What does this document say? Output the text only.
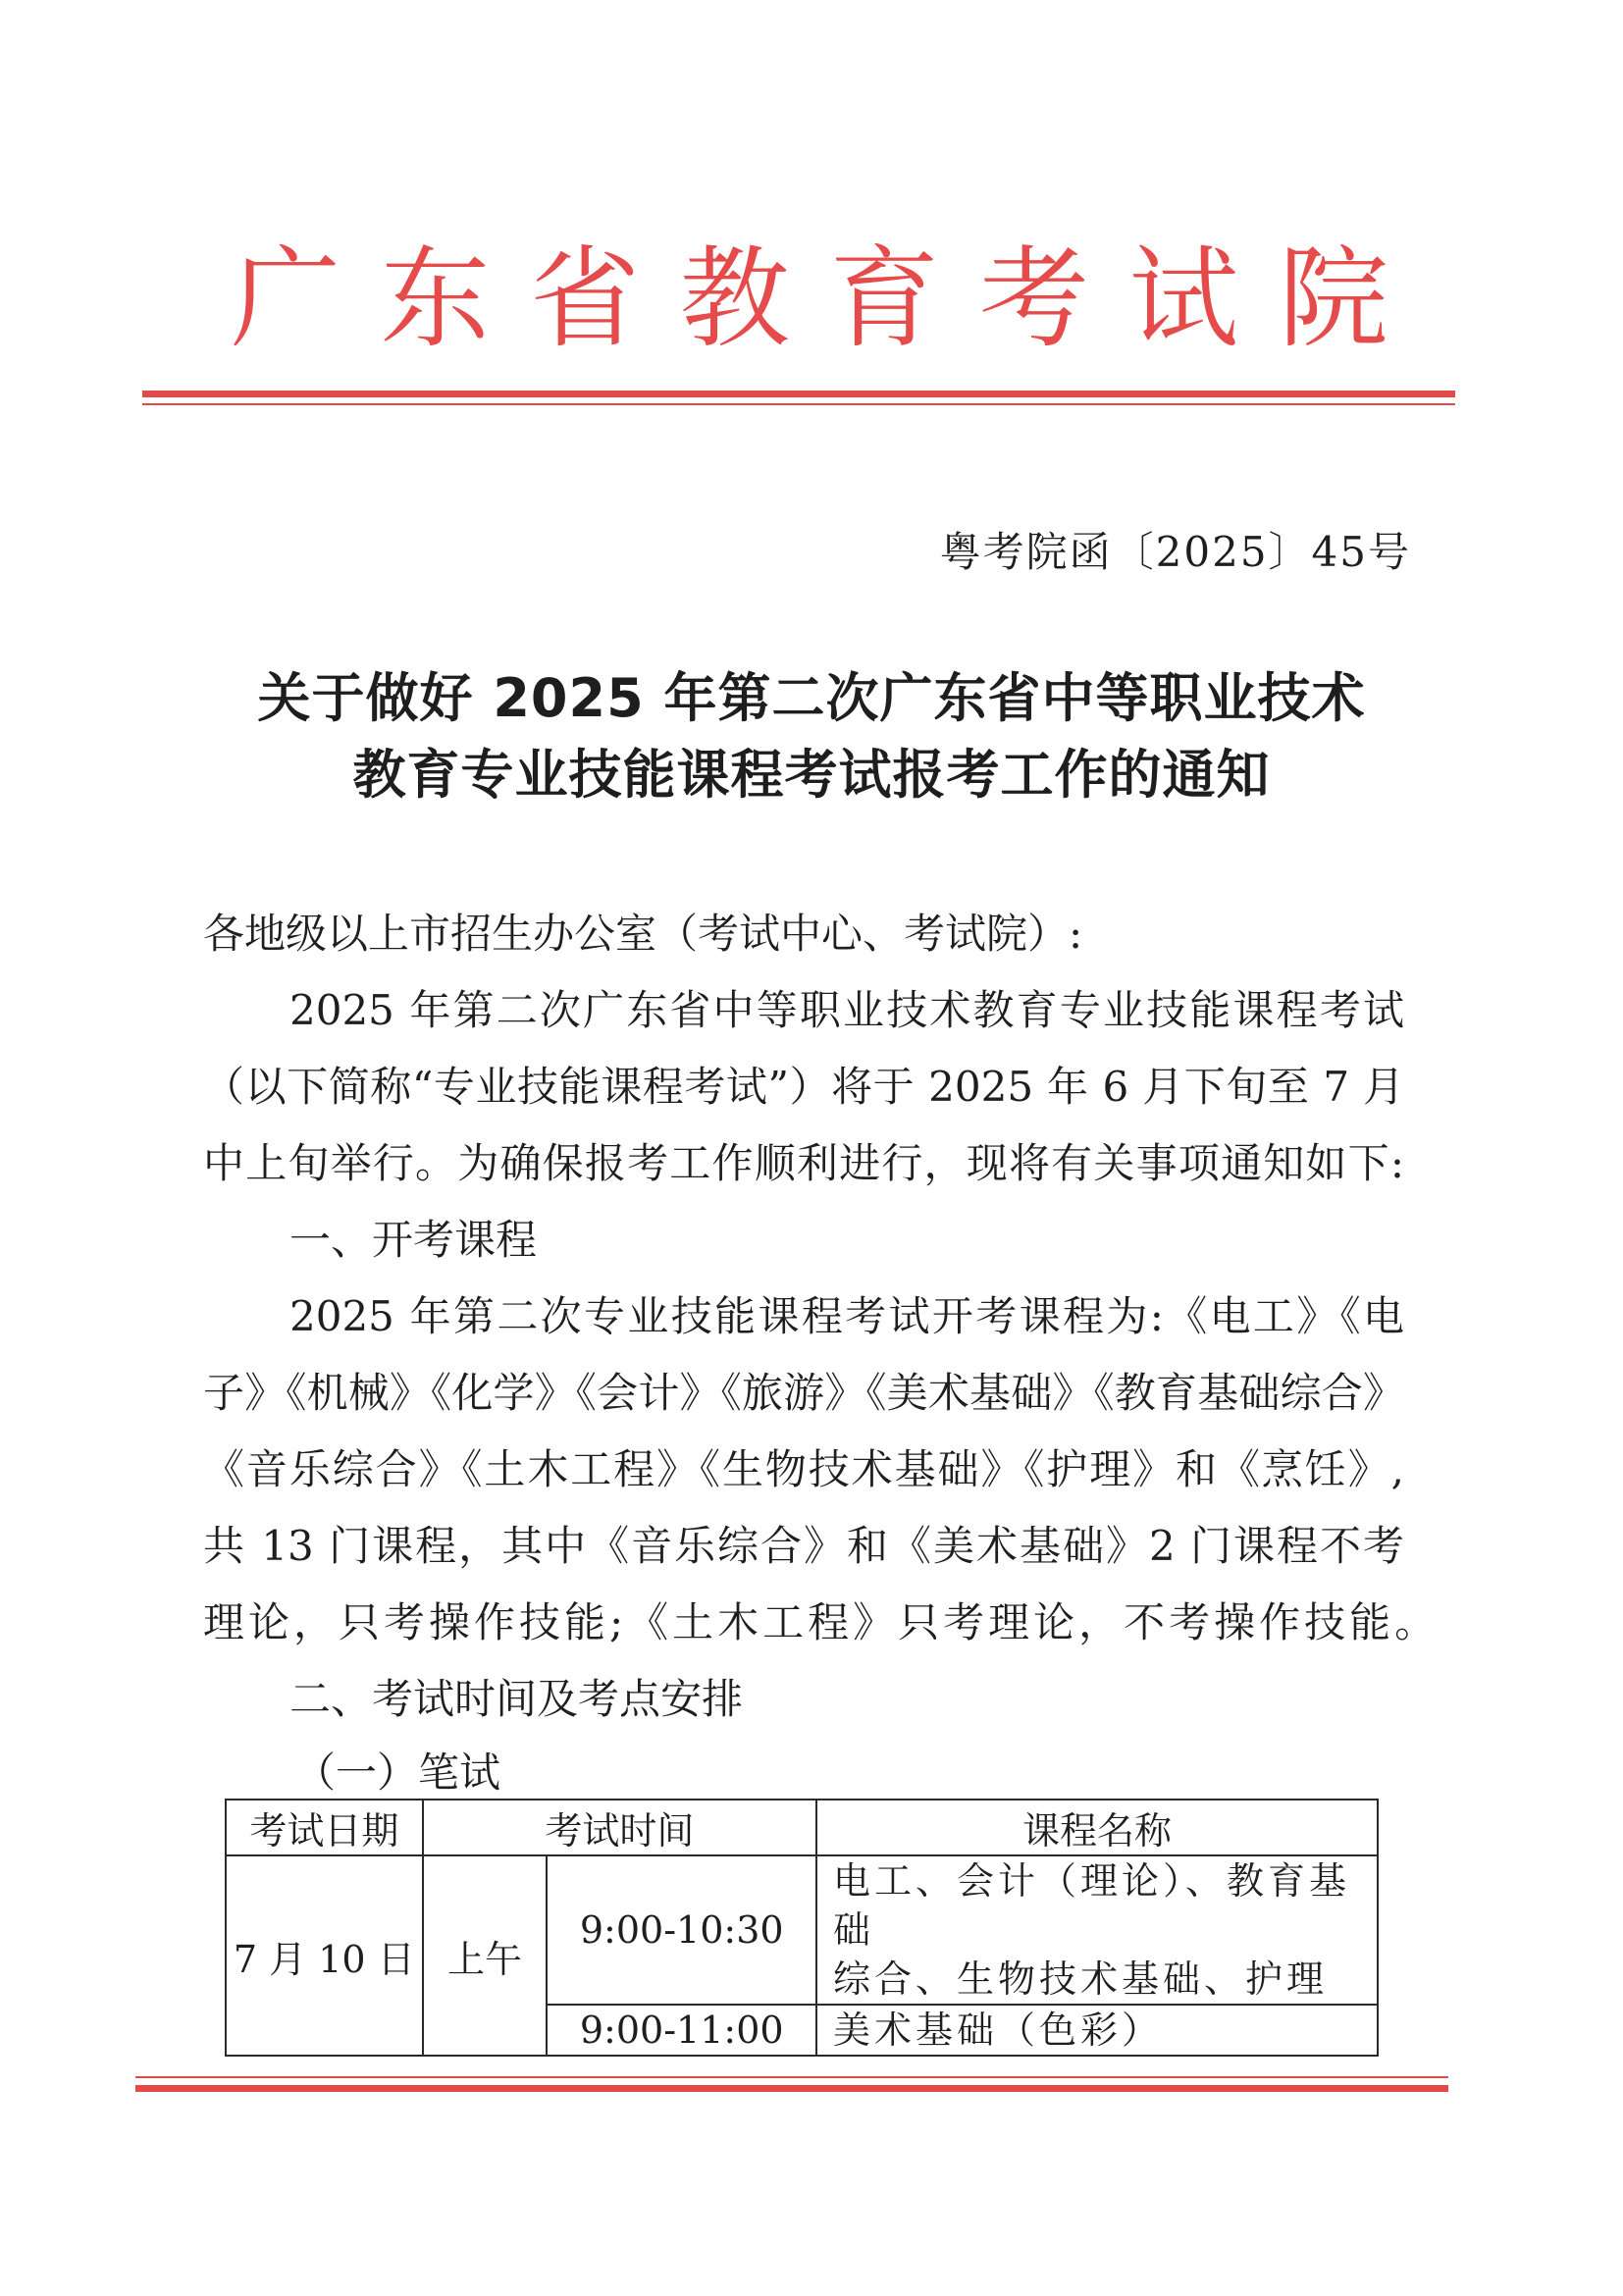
广 东 省 教 育 考 试 院
粤考院函〔2025〕45号
关于做好 2025 年第二次广东省中等职业技术
教育专业技能课程考试报考工作的通知
各地级以上市招生办公室（考试中心、考试院）:
2025 年第二次广东省中等职业技术教育专业技能课程考试
（以下简称“专业技能课程考试”）将于 2025 年 6 月下旬至 7 月
中上旬举行。为确保报考工作顺利进行，现将有关事项通知如下:
一、开考课程
2025 年第二次专业技能课程考试开考课程为:《电工》《电
子》《机械》《化学》《会计》《旅游》《美术基础》《教育基础综合》
《音乐综合》《土木工程》《生物技术基础》《护理》和《烹饪》,
共 13 门课程，其中《音乐综合》和《美术基础》2 门课程不考
理论，只考操作技能;《土木工程》只考理论，不考操作技能。
二、考试时间及考点安排
（一）笔试
考试日期	考试时间		课程名称
7 月 10 日	上午	9:00-10:30	电工、会计（理论）、教育基础
综合、生物技术基础、护理

		9:00-11:00	美术基础（色彩）
